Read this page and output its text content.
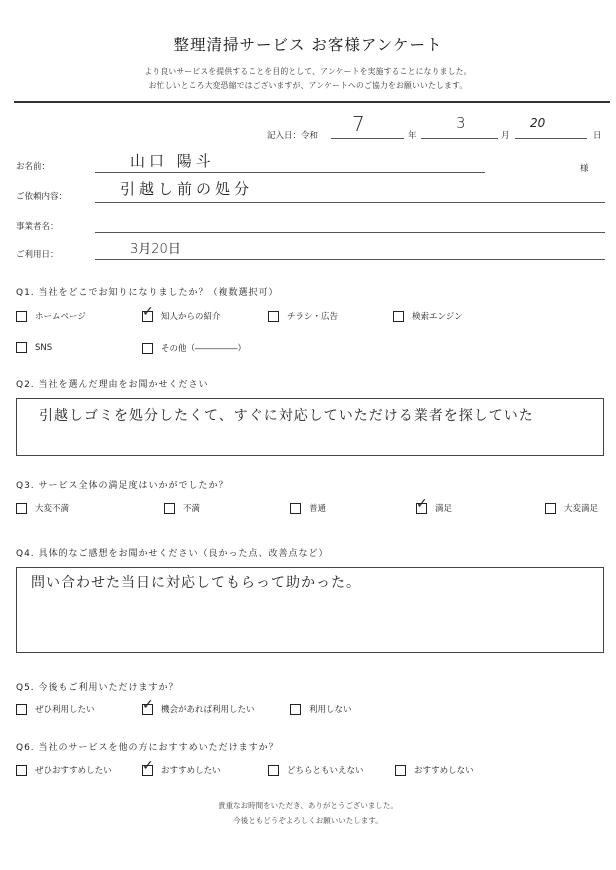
整理清掃サービス お客様アンケート
より良いサービスを提供することを目的として、アンケートを実施することになりました。
お忙しいところ大変恐縮ではございますが、アンケートへのご協力をお願いいたします。
記入日：令和 7	年
3
月
20
日
お名前：	山口 陽斗	様
ご依頼内容：	引越し前の処分
事業者名：
ご利用日：	3月20日
Q1. 当社をどこでお知りになりましたか？（複数選択可）
ホームページ ✓	知人からの紹介	チラシ・広告	検索エンジン
SNS	その他（―――――）
Q2. 当社を選んだ理由をお聞かせください
引越しゴミを処分したくて、すぐに対応していただける業者を探していた
Q3. サービス全体の満足度はいかがでしたか？
大変不満	不満	普通 ✓	満足	大変満足
Q4. 具体的なご感想をお聞かせください（良かった点、改善点など）
問い合わせた当日に対応してもらって助かった。
Q5. 今後もご利用いただけますか？
ぜひ利用したい ✓	機会があれば利用したい	利用しない
Q6. 当社のサービスを他の方におすすめいただけますか？
ぜひおすすめしたい ✓	おすすめしたい	どちらともいえない	おすすめしない
貴重なお時間をいただき、ありがとうございました。
今後ともどうぞよろしくお願いいたします。
